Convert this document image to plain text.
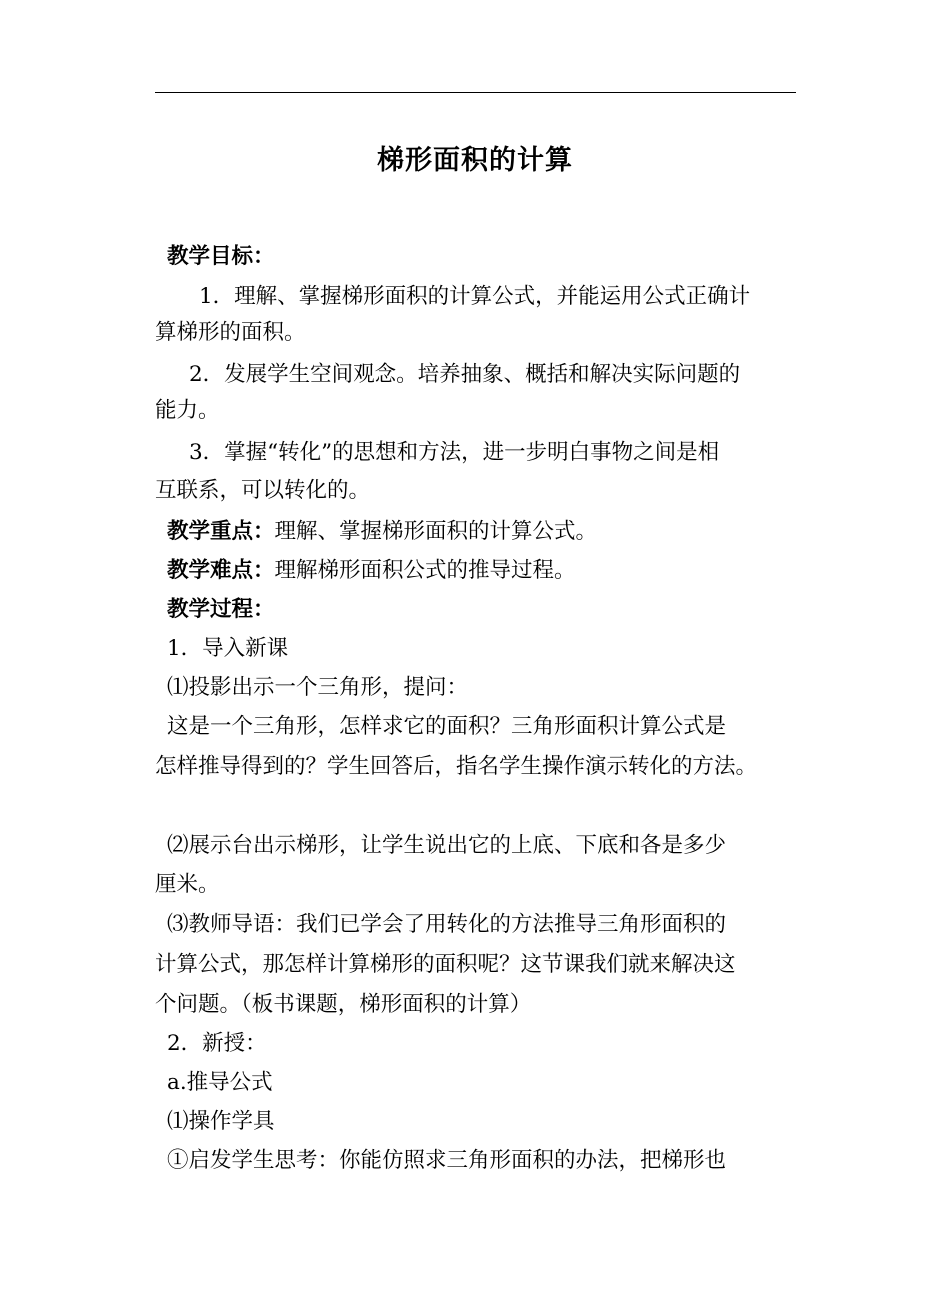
梯形面积的计算
教学目标：
1．理解、掌握梯形面积的计算公式，并能运用公式正确计
算梯形的面积。
2．发展学生空间观念。培养抽象、概括和解决实际问题的
能力。
3．掌握“转化”的思想和方法，进一步明白事物之间是相
互联系，可以转化的。
教学重点：理解、掌握梯形面积的计算公式。
教学难点：理解梯形面积公式的推导过程。
教学过程：
1．导入新课
⑴投影出示一个三角形，提问：
这是一个三角形，怎样求它的面积？三角形面积计算公式是
怎样推导得到的？学生回答后，指名学生操作演示转化的方法。
⑵展示台出示梯形，让学生说出它的上底、下底和各是多少
厘米。
⑶教师导语：我们已学会了用转化的方法推导三角形面积的
计算公式，那怎样计算梯形的面积呢？这节课我们就来解决这
个问题。（板书课题，梯形面积的计算）
2．新授：
a.推导公式
⑴操作学具
①启发学生思考：你能仿照求三角形面积的办法，把梯形也
